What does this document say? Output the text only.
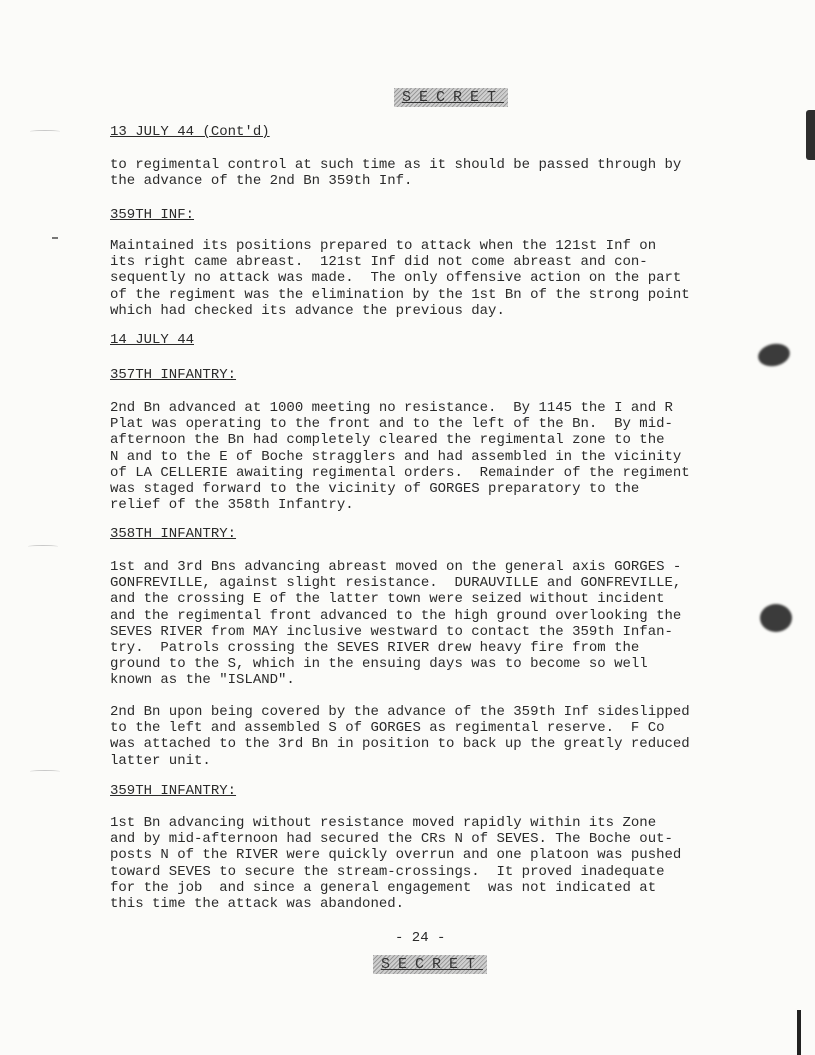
SECRET

13 JULY 44 (Cont'd)

to regimental control at such time as it should be passed through by
the advance of the 2nd Bn 359th Inf.

359TH INF:

Maintained its positions prepared to attack when the 121st Inf on
its right came abreast.  121st Inf did not come abreast and con-
sequently no attack was made.  The only offensive action on the part
of the regiment was the elimination by the 1st Bn of the strong point
which had checked its advance the previous day.

14 JULY 44

357TH INFANTRY:

2nd Bn advanced at 1000 meeting no resistance.  By 1145 the I and R
Plat was operating to the front and to the left of the Bn.  By mid-
afternoon the Bn had completely cleared the regimental zone to the
N and to the E of Boche stragglers and had assembled in the vicinity
of LA CELLERIE awaiting regimental orders.  Remainder of the regiment
was staged forward to the vicinity of GORGES preparatory to the
relief of the 358th Infantry.

358TH INFANTRY:

1st and 3rd Bns advancing abreast moved on the general axis GORGES -
GONFREVILLE, against slight resistance.  DURAUVILLE and GONFREVILLE,
and the crossing E of the latter town were seized without incident
and the regimental front advanced to the high ground overlooking the
SEVES RIVER from MAY inclusive westward to contact the 359th Infan-
try.  Patrols crossing the SEVES RIVER drew heavy fire from the
ground to the S, which in the ensuing days was to become so well
known as the "ISLAND".

2nd Bn upon being covered by the advance of the 359th Inf sideslipped
to the left and assembled S of GORGES as regimental reserve.  F Co
was attached to the 3rd Bn in position to back up the greatly reduced
latter unit.

359TH INFANTRY:

1st Bn advancing without resistance moved rapidly within its Zone
and by mid-afternoon had secured the CRs N of SEVES. The Boche out-
posts N of the RIVER were quickly overrun and one platoon was pushed
toward SEVES to secure the stream-crossings.  It proved inadequate
for the job  and since a general engagement  was not indicated at
this time the attack was abandoned.

- 24 -
SECRET
